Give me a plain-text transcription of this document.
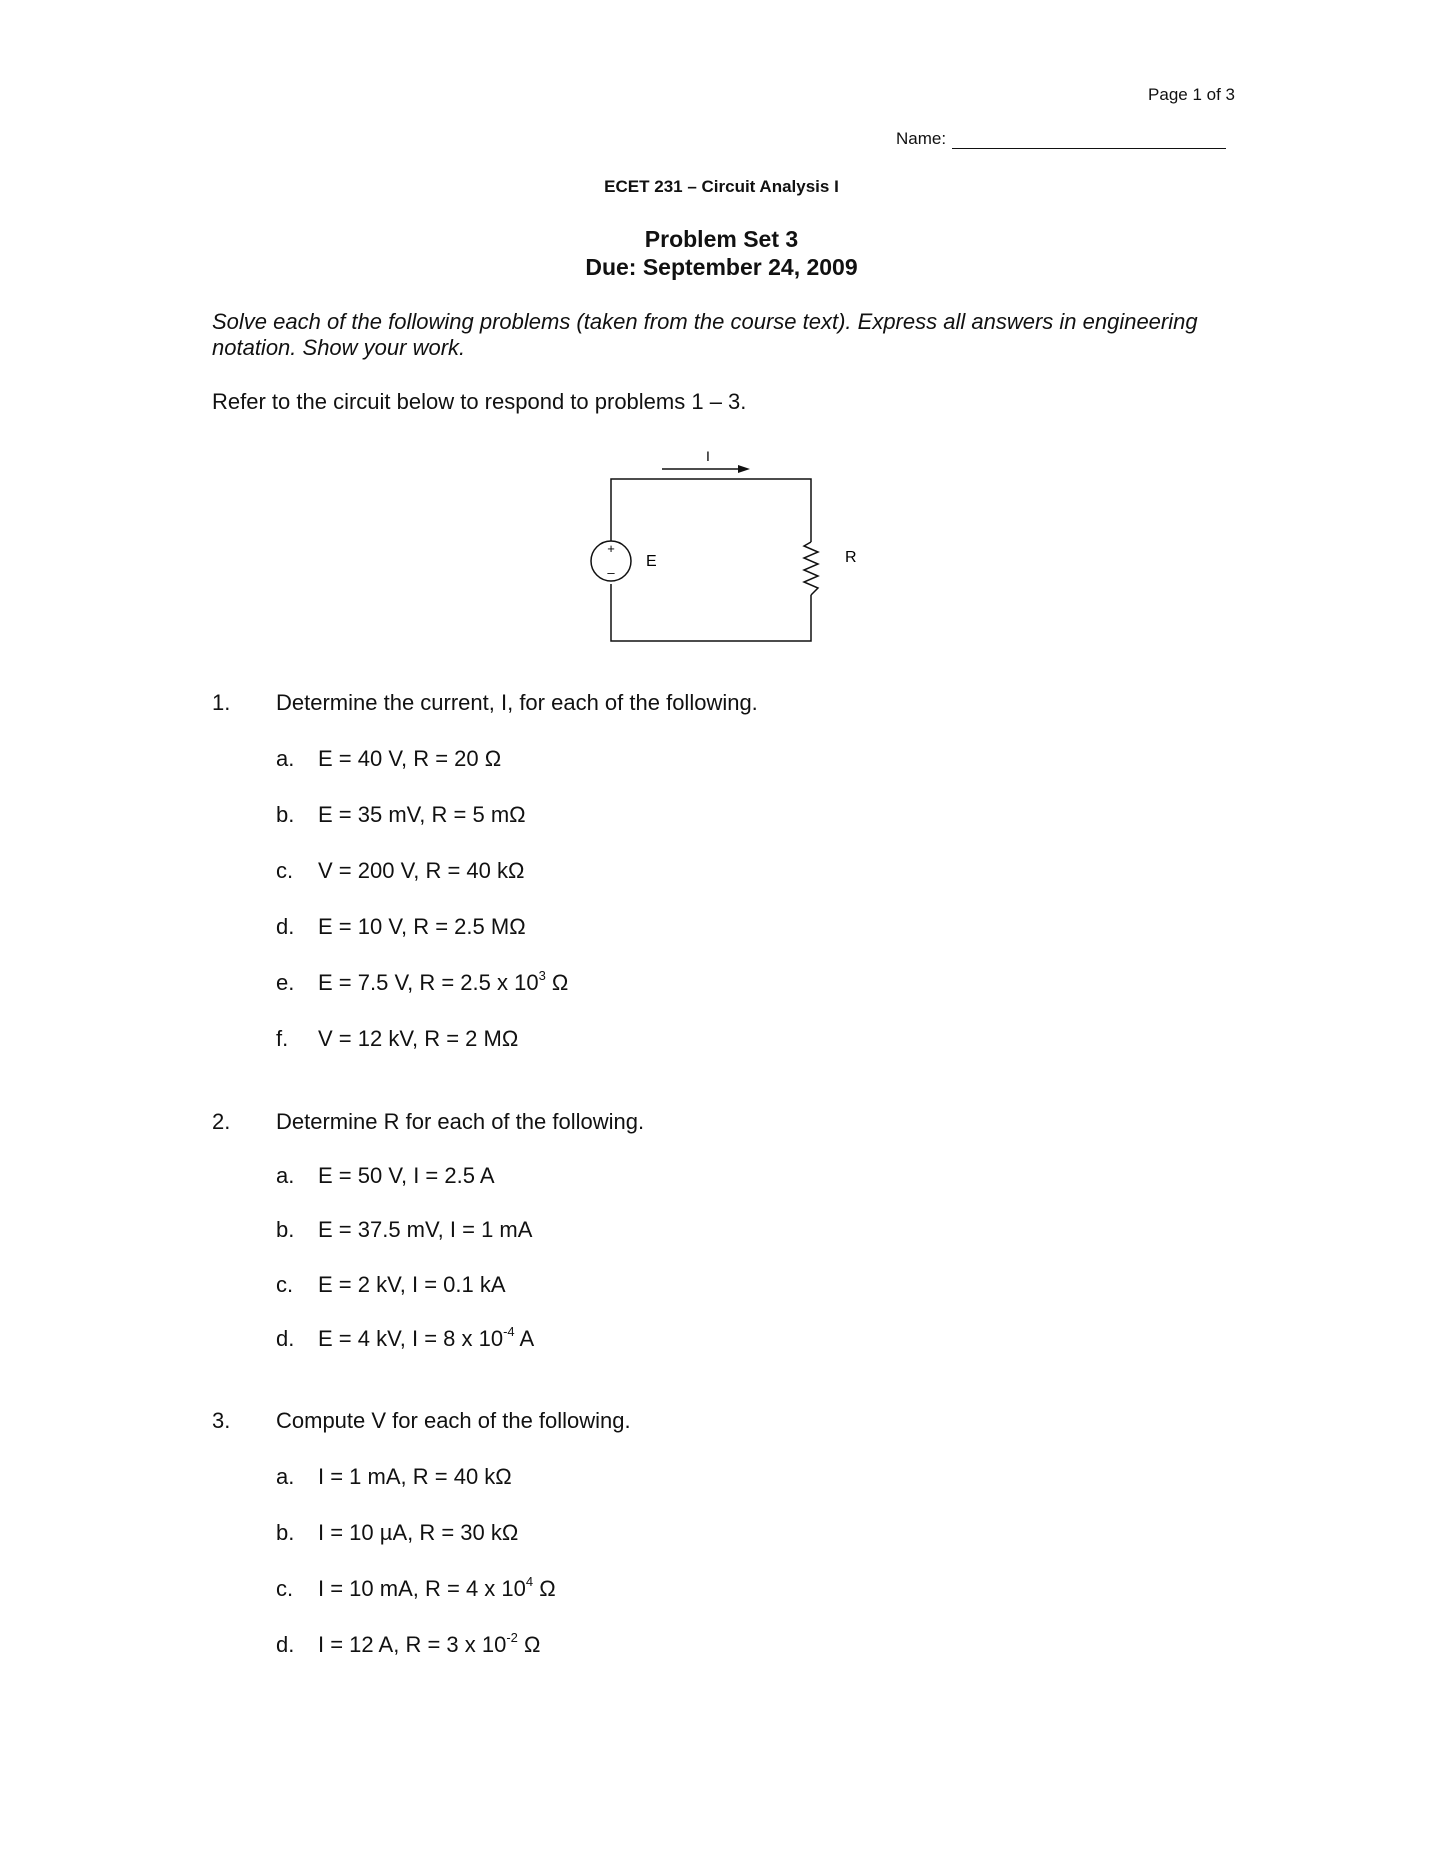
Page 1 of 3
Name:
ECET 231 – Circuit Analysis I
Problem Set 3
Due: September 24, 2009
Solve each of the following problems (taken from the course text). Express all answers in engineering notation. Show your work.
Refer to the circuit below to respond to problems 1 – 3.
I
+
–
E	R
1. Determine the current, I, for each of the following.
a. E = 40 V, R = 20 Ω
b. E = 35 mV, R = 5 mΩ
c. V = 200 V, R = 40 kΩ
d. E = 10 V, R = 2.5 MΩ
e. E = 7.5 V, R = 2.5 x $10^3$ Ω
f. V = 12 kV, R = 2 MΩ
2. Determine R for each of the following.
a. E = 50 V, I = 2.5 A
b. E = 37.5 mV, I = 1 mA
c. E = 2 kV, I = 0.1 kA
d. E = 4 kV, I = 8 x $10^{-4}$ A
3. Compute V for each of the following.
a. I = 1 mA, R = 40 kΩ
b. I = 10 µA, R = 30 kΩ
c. I = 10 mA, R = 4 x $10^4$ Ω
d. I = 12 A, R = 3 x $10^{-2}$ Ω
